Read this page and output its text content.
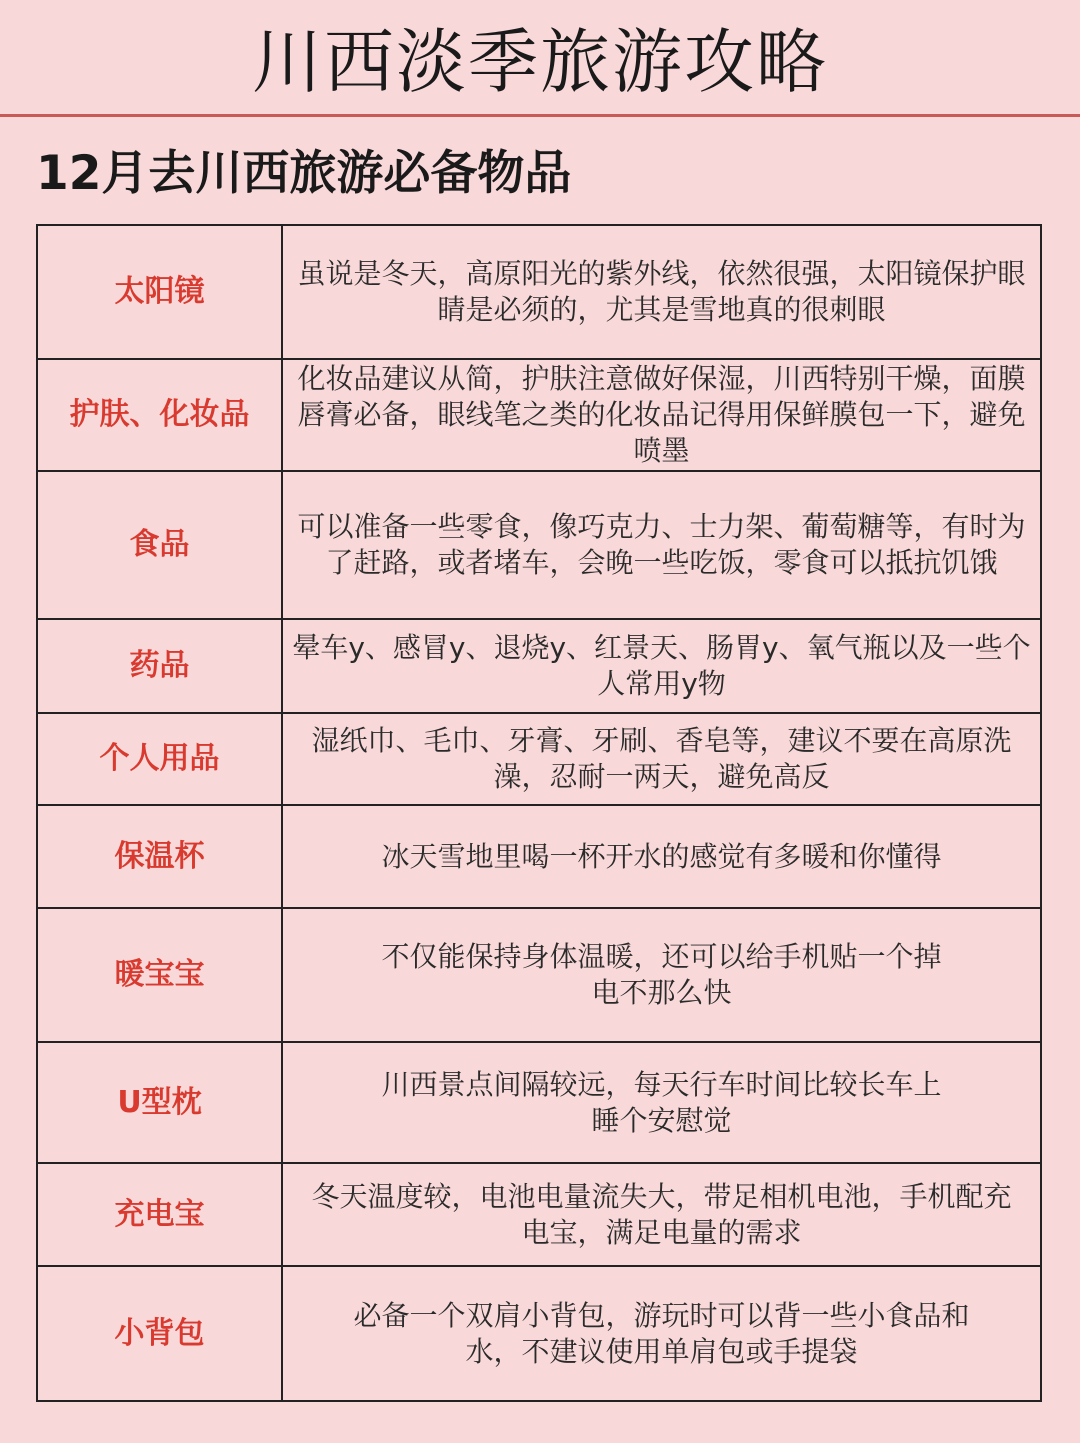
川西淡季旅游攻略
12月去川西旅游必备物品
太阳镜	虽说是冬天，高原阳光的紫外线，依然很强，太阳镜保护眼睛是必须的，尤其是雪地真的很刺眼
护肤、化妆品	化妆品建议从简，护肤注意做好保湿，川西特别干燥，面膜唇膏必备，眼线笔之类的化妆品记得用保鲜膜包一下，避免喷墨
食品	可以准备一些零食，像巧克力、士力架、葡萄糖等，有时为了赶路，或者堵车，会晚一些吃饭，零食可以抵抗饥饿
药品	晕车y、感冒y、退烧y、红景天、肠胃y、氧气瓶以及一些个人常用y物
个人用品	湿纸巾、毛巾、牙膏、牙刷、香皂等，建议不要在高原洗澡，忍耐一两天，避免高反
保温杯	冰天雪地里喝一杯开水的感觉有多暖和你懂得
暖宝宝	不仅能保持身体温暖，还可以给手机贴一个掉电不那么快
U型枕	川西景点间隔较远，每天行车时间比较长车上睡个安慰觉
充电宝	冬天温度较，电池电量流失大，带足相机电池，手机配充电宝，满足电量的需求
小背包	必备一个双肩小背包，游玩时可以背一些小食品和水，不建议使用单肩包或手提袋
